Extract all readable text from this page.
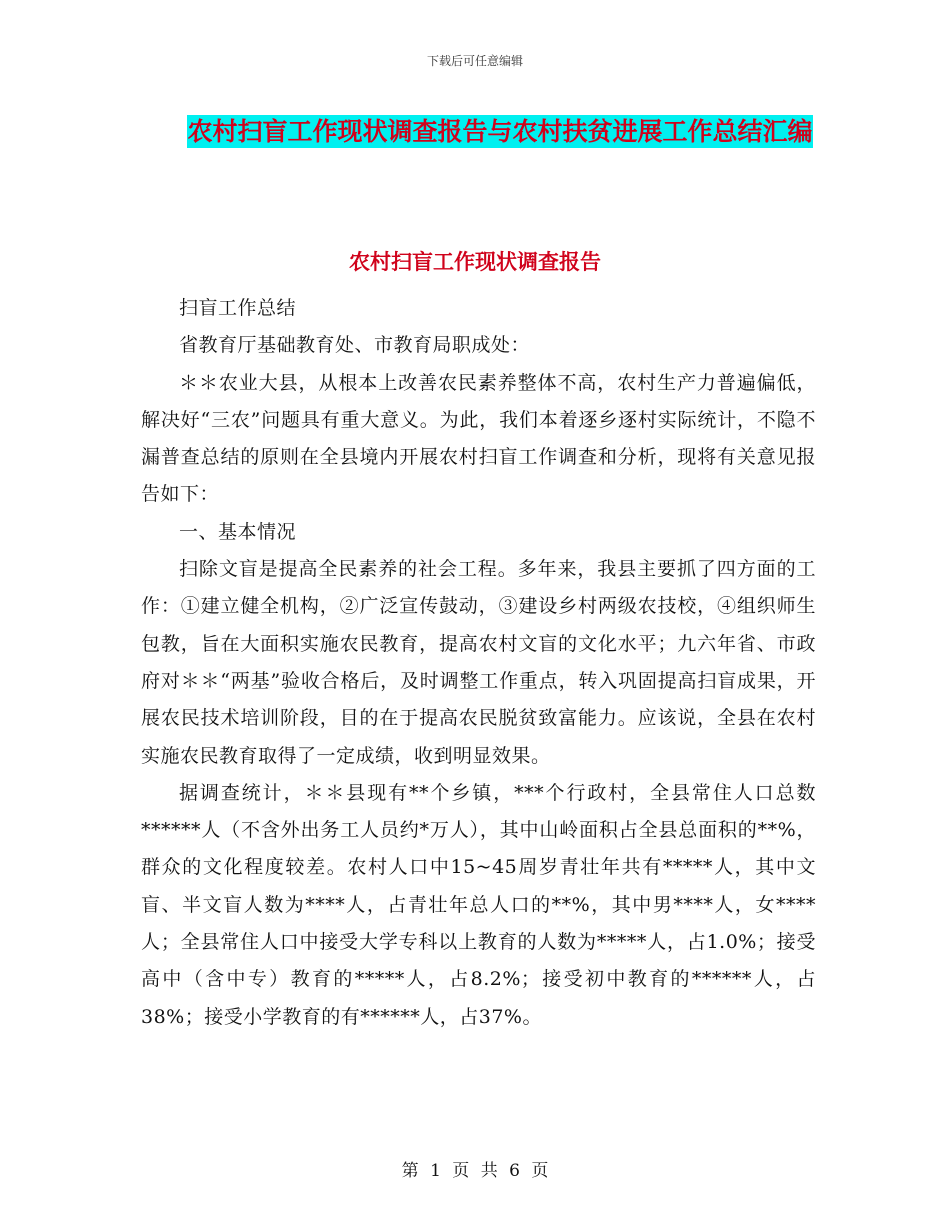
下载后可任意编辑
农村扫盲工作现状调查报告与农村扶贫进展工作总结汇编
农村扫盲工作现状调查报告

扫盲工作总结

省教育厅基础教育处、市教育局职成处：

＊＊农业大县，从根本上改善农民素养整体不高，农村生产力普遍偏低，解决好“三农”问题具有重大意义。为此，我们本着逐乡逐村实际统计，不隐不漏普查总结的原则在全县境内开展农村扫盲工作调查和分析，现将有关意见报告如下：

一、基本情况

扫除文盲是提高全民素养的社会工程。多年来，我县主要抓了四方面的工作：①建立健全机构，②广泛宣传鼓动，③建设乡村两级农技校，④组织师生包教，旨在大面积实施农民教育，提高农村文盲的文化水平；九六年省、市政府对＊＊“两基”验收合格后，及时调整工作重点，转入巩固提高扫盲成果，开展农民技术培训阶段，目的在于提高农民脱贫致富能力。应该说，全县在农村实施农民教育取得了一定成绩，收到明显效果。

据调查统计，＊＊县现有**个乡镇，***个行政村，全县常住人口总数******人（不含外出务工人员约*万人），其中山岭面积占全县总面积的**%，群众的文化程度较差。农村人口中15~45周岁青壮年共有*****人，其中文盲、半文盲人数为****人，占青壮年总人口的**%，其中男****人，女****人；全县常住人口中接受大学专科以上教育的人数为*****人，占1.0%；接受高中（含中专）教育的*****人，占8.2%；接受初中教育的******人，占38%；接受小学教育的有******人，占37%。

第 1 页 共 6 页
